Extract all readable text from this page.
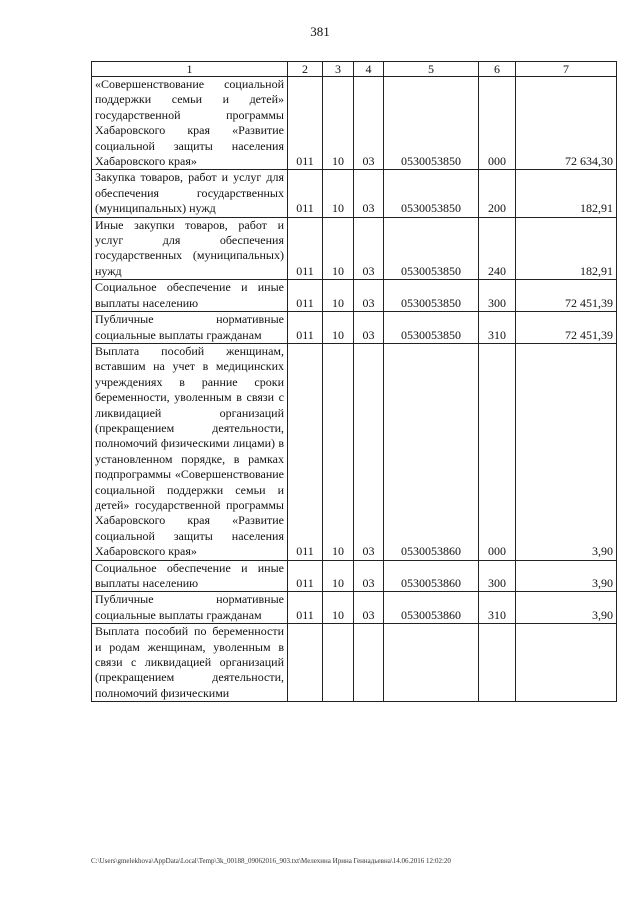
381
1	2	3	4	5	6	7
«Совершенствование социальной поддержки семьи и детей» государственной программы Хабаровского края «Развитие социальной защиты населения Хабаровского края»	011	10	03	0530053850	000	72 634,30
Закупка товаров, работ и услуг для обеспечения государственных (муниципальных) нужд	011	10	03	0530053850	200	182,91
Иные закупки товаров, работ и услуг для обеспечения государственных (муниципальных) нужд	011	10	03	0530053850	240	182,91
Социальное обеспечение и иные выплаты населению	011	10	03	0530053850	300	72 451,39
Публичные нормативные социальные выплаты гражданам	011	10	03	0530053850	310	72 451,39
Выплата пособий женщинам, вставшим на учет в медицинских учреждениях в ранние сроки беременности, уволенным в связи с ликвидацией организаций (прекращением деятельности, полномочий физическими лицами) в установленном порядке, в рамках подпрограммы «Совершенствование социальной поддержки семьи и детей» государственной программы Хабаровского края «Развитие социальной защиты населения Хабаровского края»	011	10	03	0530053860	000	3,90
Социальное обеспечение и иные выплаты населению	011	10	03	0530053860	300	3,90
Публичные нормативные социальные выплаты гражданам	011	10	03	0530053860	310	3,90
Выплата пособий по беременности и родам женщинам, уволенным в связи с ликвидацией организаций (прекращением деятельности, полномочий физическими						
C:\Users\gmelekhova\AppData\Local\Temp\3k_00188_09062016_903.txt\Мелехина Ирина Геннадьевна\14.06.2016 12:02:20
